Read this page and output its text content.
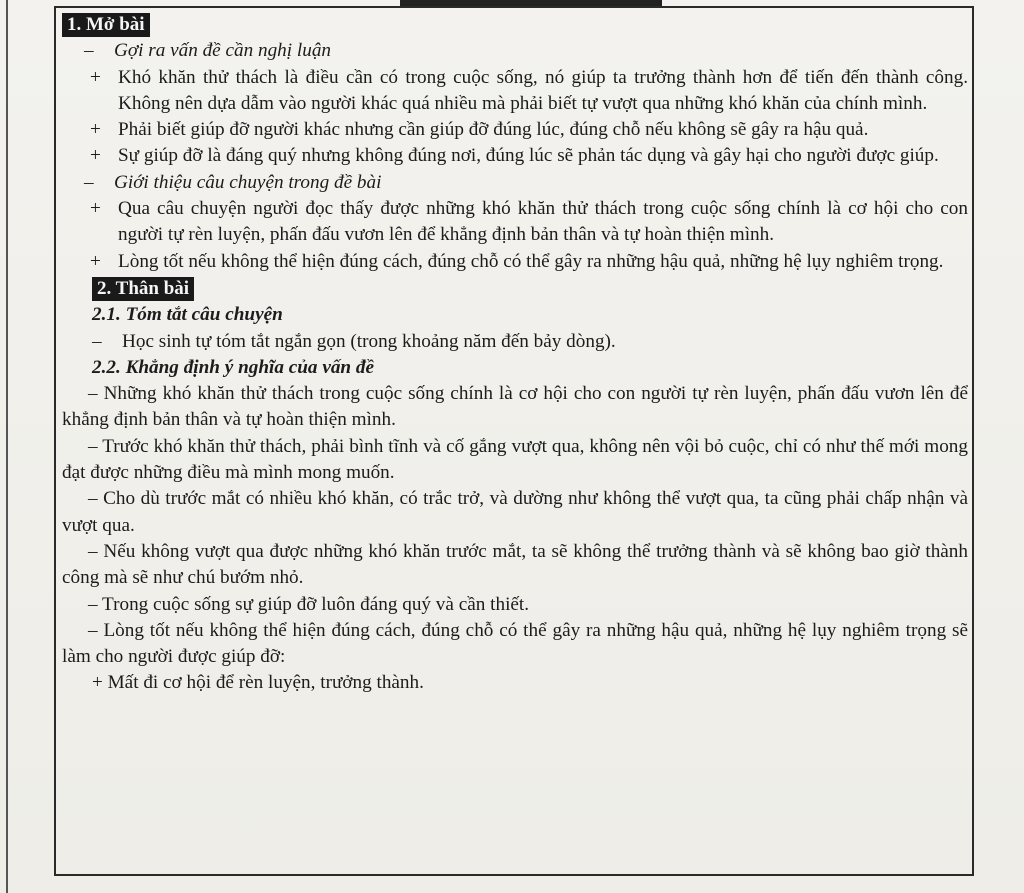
1. Mở bài
– Gợi ra vấn đề cần nghị luận
+ Khó khăn thử thách là điều cần có trong cuộc sống, nó giúp ta trưởng thành hơn để tiến đến thành công. Không nên dựa dẫm vào người khác quá nhiều mà phải biết tự vượt qua những khó khăn của chính mình.
+ Phải biết giúp đỡ người khác nhưng cần giúp đỡ đúng lúc, đúng chỗ nếu không sẽ gây ra hậu quả.
+ Sự giúp đỡ là đáng quý nhưng không đúng nơi, đúng lúc sẽ phản tác dụng và gây hại cho người được giúp.
– Giới thiệu câu chuyện trong đề bài
+ Qua câu chuyện người đọc thấy được những khó khăn thử thách trong cuộc sống chính là cơ hội cho con người tự rèn luyện, phấn đấu vươn lên để khẳng định bản thân và tự hoàn thiện mình.
+ Lòng tốt nếu không thể hiện đúng cách, đúng chỗ có thể gây ra những hậu quả, những hệ lụy nghiêm trọng.
2. Thân bài
2.1. Tóm tắt câu chuyện
– Học sinh tự tóm tắt ngắn gọn (trong khoảng năm đến bảy dòng).
2.2. Khẳng định ý nghĩa của vấn đề
– Những khó khăn thử thách trong cuộc sống chính là cơ hội cho con người tự rèn luyện, phấn đấu vươn lên để khẳng định bản thân và tự hoàn thiện mình.
– Trước khó khăn thử thách, phải bình tĩnh và cố gắng vượt qua, không nên vội bỏ cuộc, chỉ có như thế mới mong đạt được những điều mà mình mong muốn.
– Cho dù trước mắt có nhiều khó khăn, có trắc trở, và dường như không thể vượt qua, ta cũng phải chấp nhận và vượt qua.
– Nếu không vượt qua được những khó khăn trước mắt, ta sẽ không thể trưởng thành và sẽ không bao giờ thành công mà sẽ như chú bướm nhỏ.
– Trong cuộc sống sự giúp đỡ luôn đáng quý và cần thiết.
– Lòng tốt nếu không thể hiện đúng cách, đúng chỗ có thể gây ra những hậu quả, những hệ lụy nghiêm trọng sẽ làm cho người được giúp đỡ:
+ Mất đi cơ hội để rèn luyện, trưởng thành.
